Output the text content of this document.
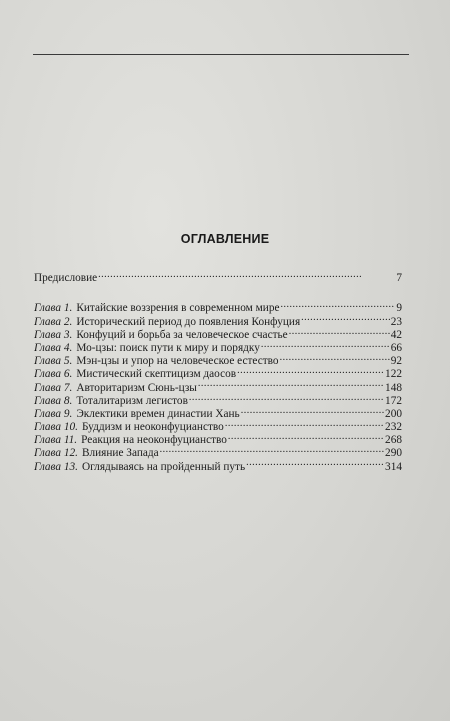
ОГЛАВЛЕНИЕ
Предисловие . . .	7
Глава 1. Китайские воззрения в современном мире . . .	9
Глава 2. Исторический период до появления Конфуция . . .	23
Глава 3. Конфуций и борьба за человеческое счастье . . .	42
Глава 4. Мо-цзы: поиск пути к миру и порядку . . .	66
Глава 5. Мэн-цзы и упор на человеческое естество . . .	92
Глава 6. Мистический скептицизм даосов . . .	122
Глава 7. Авторитаризм Сюнь-цзы . . .	148
Глава 8. Тоталитаризм легистов . . .	172
Глава 9. Эклектики времен династии Хань . . .	200
Глава 10. Буддизм и неоконфуцианство . . .	232
Глава 11. Реакция на неоконфуцианство . . .	268
Глава 12. Влияние Запада . . .	290
Глава 13. Оглядываясь на пройденный путь . . .	314
